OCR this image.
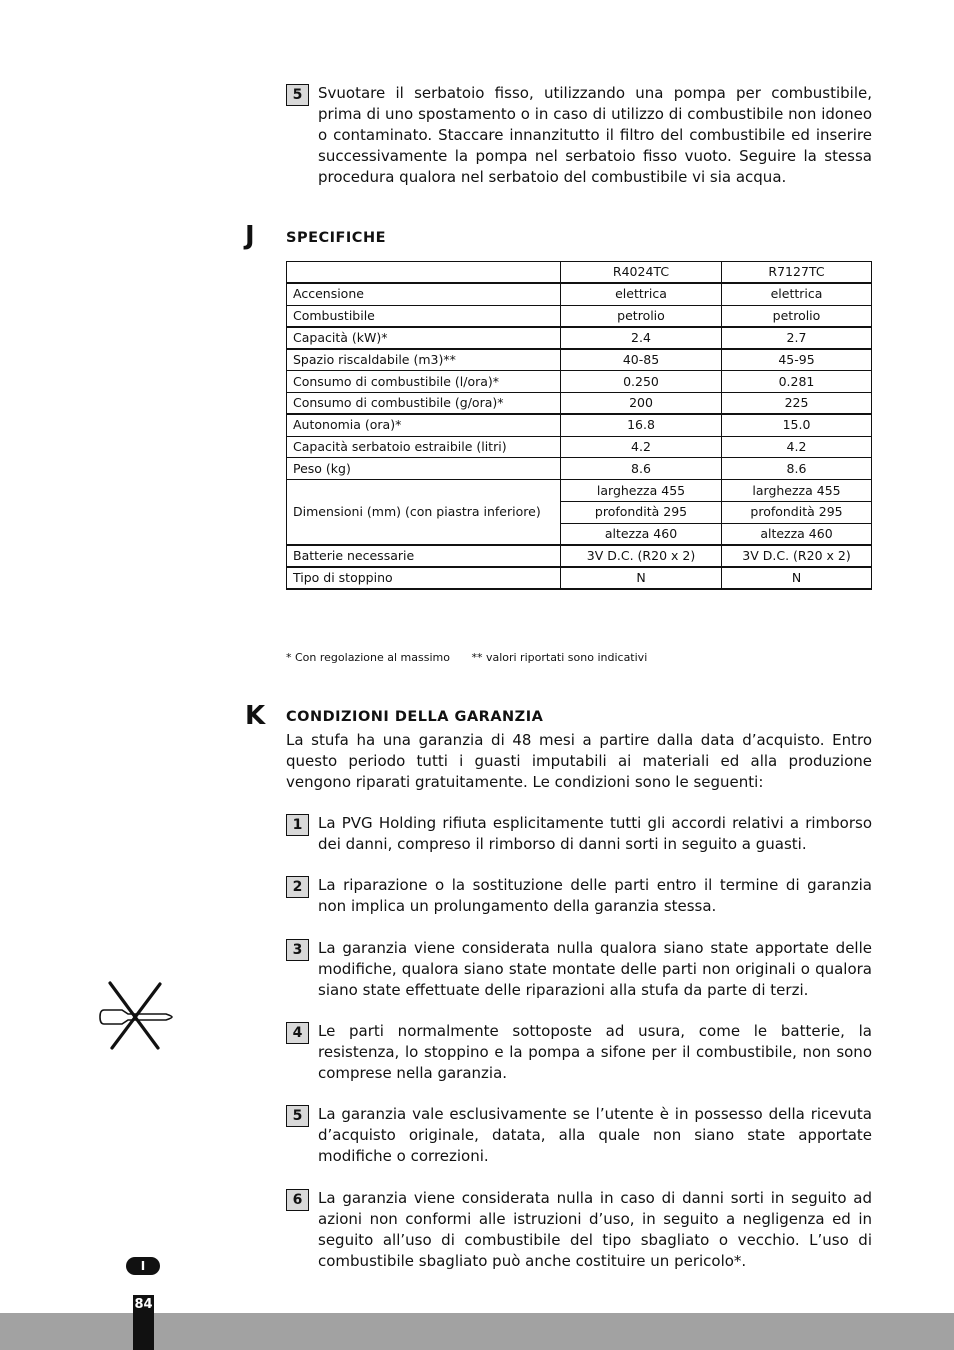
5	Svuotare il serbatoio fisso, utilizzando una pompa per combustibile, prima di uno spostamento o in caso di utilizzo di combustibile non idoneo o contaminato. Staccare innanzitutto il filtro del combustibile ed inserire successivamente la pompa nel serbatoio fisso vuoto. Seguire la stessa procedura qualora nel serbatoio del combustibile vi sia acqua.
J SPECIFICHE
	R4024TC	R7127TC
Accensione	elettrica	elettrica
Combustibile	petrolio	petrolio
Capacità (kW)*	2.4	2.7
Spazio riscaldabile (m3)**	40-85	45-95
Consumo di combustibile (l/ora)*	0.250	0.281
Consumo di combustibile (g/ora)*	200	225
Autonomia (ora)*	16.8	15.0
Capacità serbatoio estraibile (litri)	4.2	4.2
Peso (kg)	8.6	8.6
Dimensioni (mm) (con piastra inferiore)	larghezza 455	larghezza 455
	profondità 295	profondità 295
	altezza 460	altezza 460
Batterie necessarie	3V D.C. (R20 x 2)	3V D.C. (R20 x 2)
Tipo di stoppino	N	N
* Con regolazione al massimo ** valori riportati sono indicativi
K CONDIZIONI DELLA GARANZIA
La stufa ha una garanzia di 48 mesi a partire dalla data d’acquisto. Entro questo periodo tutti i guasti imputabili ai materiali ed alla produzione vengono riparati gratuitamente. Le condizioni sono le seguenti:
1	La PVG Holding rifiuta esplicitamente tutti gli accordi relativi a rimborso dei danni, compreso il rimborso di danni sorti in seguito a guasti.
2	La riparazione o la sostituzione delle parti entro il termine di garanzia non implica un prolungamento della garanzia stessa.
3	La garanzia viene considerata nulla qualora siano state apportate delle modifiche, qualora siano state montate delle parti non originali o qualora siano state effettuate delle riparazioni alla stufa da parte di terzi.
4	Le parti normalmente sottoposte ad usura, come le batterie, la resistenza, lo stoppino e la pompa a sifone per il combustibile, non sono comprese nella garanzia.
5	La garanzia vale esclusivamente se l’utente è in possesso della ricevuta d’acquisto originale, datata, alla quale non siano state apportate modifiche o correzioni.
6	La garanzia viene considerata nulla in caso di danni sorti in seguito ad azioni non conformi alle istruzioni d’uso, in seguito a negligenza ed in seguito all’uso di combustibile del tipo sbagliato o vecchio. L’uso di combustibile sbagliato può anche costituire un pericolo*.
I
84
